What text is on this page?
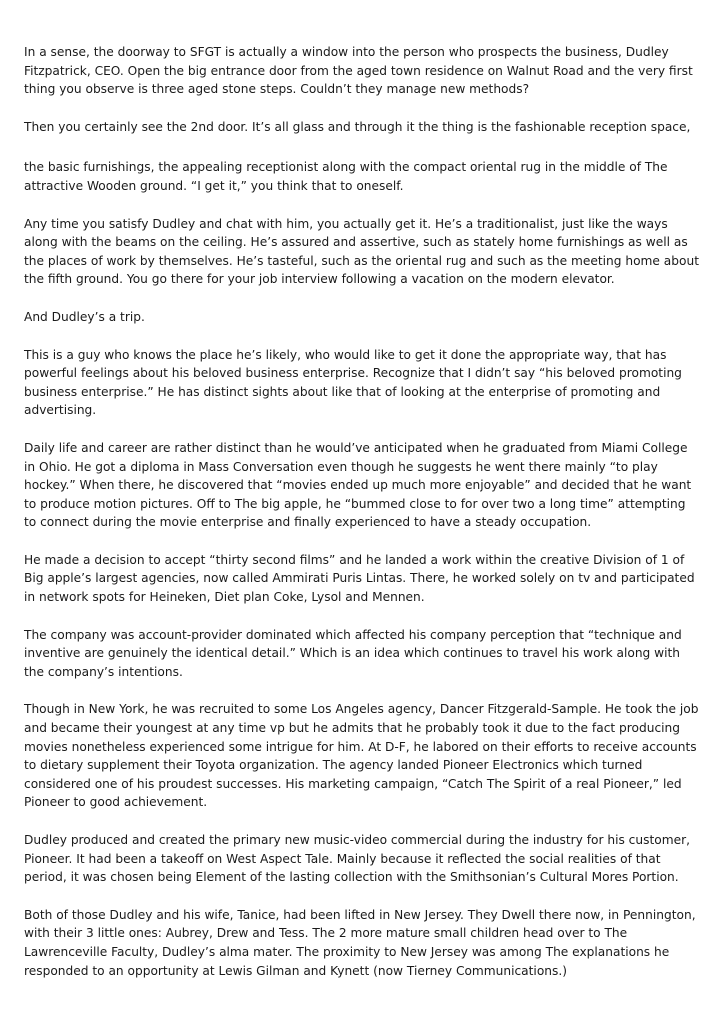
In a sense, the doorway to SFGT is actually a window into the person who prospects the business, Dudley Fitzpatrick, CEO. Open the big entrance door from the aged town residence on Walnut Road and the very first thing you observe is three aged stone steps. Couldn’t they manage new methods?

Then you certainly see the 2nd door. It’s all glass and through it the thing is the fashionable reception space,

the basic furnishings, the appealing receptionist along with the compact oriental rug in the middle of The attractive Wooden ground. “I get it,” you think that to oneself.

Any time you satisfy Dudley and chat with him, you actually get it. He’s a traditionalist, just like the ways along with the beams on the ceiling. He’s assured and assertive, such as stately home furnishings as well as the places of work by themselves. He’s tasteful, such as the oriental rug and such as the meeting home about the fifth ground. You go there for your job interview following a vacation on the modern elevator.

And Dudley’s a trip.

This is a guy who knows the place he’s likely, who would like to get it done the appropriate way, that has powerful feelings about his beloved business enterprise. Recognize that I didn’t say “his beloved promoting business enterprise.” He has distinct sights about like that of looking at the enterprise of promoting and advertising.

Daily life and career are rather distinct than he would’ve anticipated when he graduated from Miami College in Ohio. He got a diploma in Mass Conversation even though he suggests he went there mainly “to play hockey.” When there, he discovered that “movies ended up much more enjoyable” and decided that he want to produce motion pictures. Off to The big apple, he “bummed close to for over two a long time” attempting to connect during the movie enterprise and finally experienced to have a steady occupation.

He made a decision to accept “thirty second films” and he landed a work within the creative Division of 1 of Big apple’s largest agencies, now called Ammirati Puris Lintas. There, he worked solely on tv and participated in network spots for Heineken, Diet plan Coke, Lysol and Mennen.

The company was account-provider dominated which affected his company perception that “technique and inventive are genuinely the identical detail.” Which is an idea which continues to travel his work along with the company’s intentions.

Though in New York, he was recruited to some Los Angeles agency, Dancer Fitzgerald-Sample. He took the job and became their youngest at any time vp but he admits that he probably took it due to the fact producing movies nonetheless experienced some intrigue for him. At D-F, he labored on their efforts to receive accounts to dietary supplement their Toyota organization. The agency landed Pioneer Electronics which turned considered one of his proudest successes. His marketing campaign, “Catch The Spirit of a real Pioneer,” led Pioneer to good achievement.

Dudley produced and created the primary new music-video commercial during the industry for his customer, Pioneer. It had been a takeoff on West Aspect Tale. Mainly because it reflected the social realities of that period, it was chosen being Element of the lasting collection with the Smithsonian’s Cultural Mores Portion.

Both of those Dudley and his wife, Tanice, had been lifted in New Jersey. They Dwell there now, in Pennington, with their 3 little ones: Aubrey, Drew and Tess. The 2 more mature small children head over to The Lawrenceville Faculty, Dudley’s alma mater. The proximity to New Jersey was among The explanations he responded to an opportunity at Lewis Gilman and Kynett (now Tierney Communications.)
